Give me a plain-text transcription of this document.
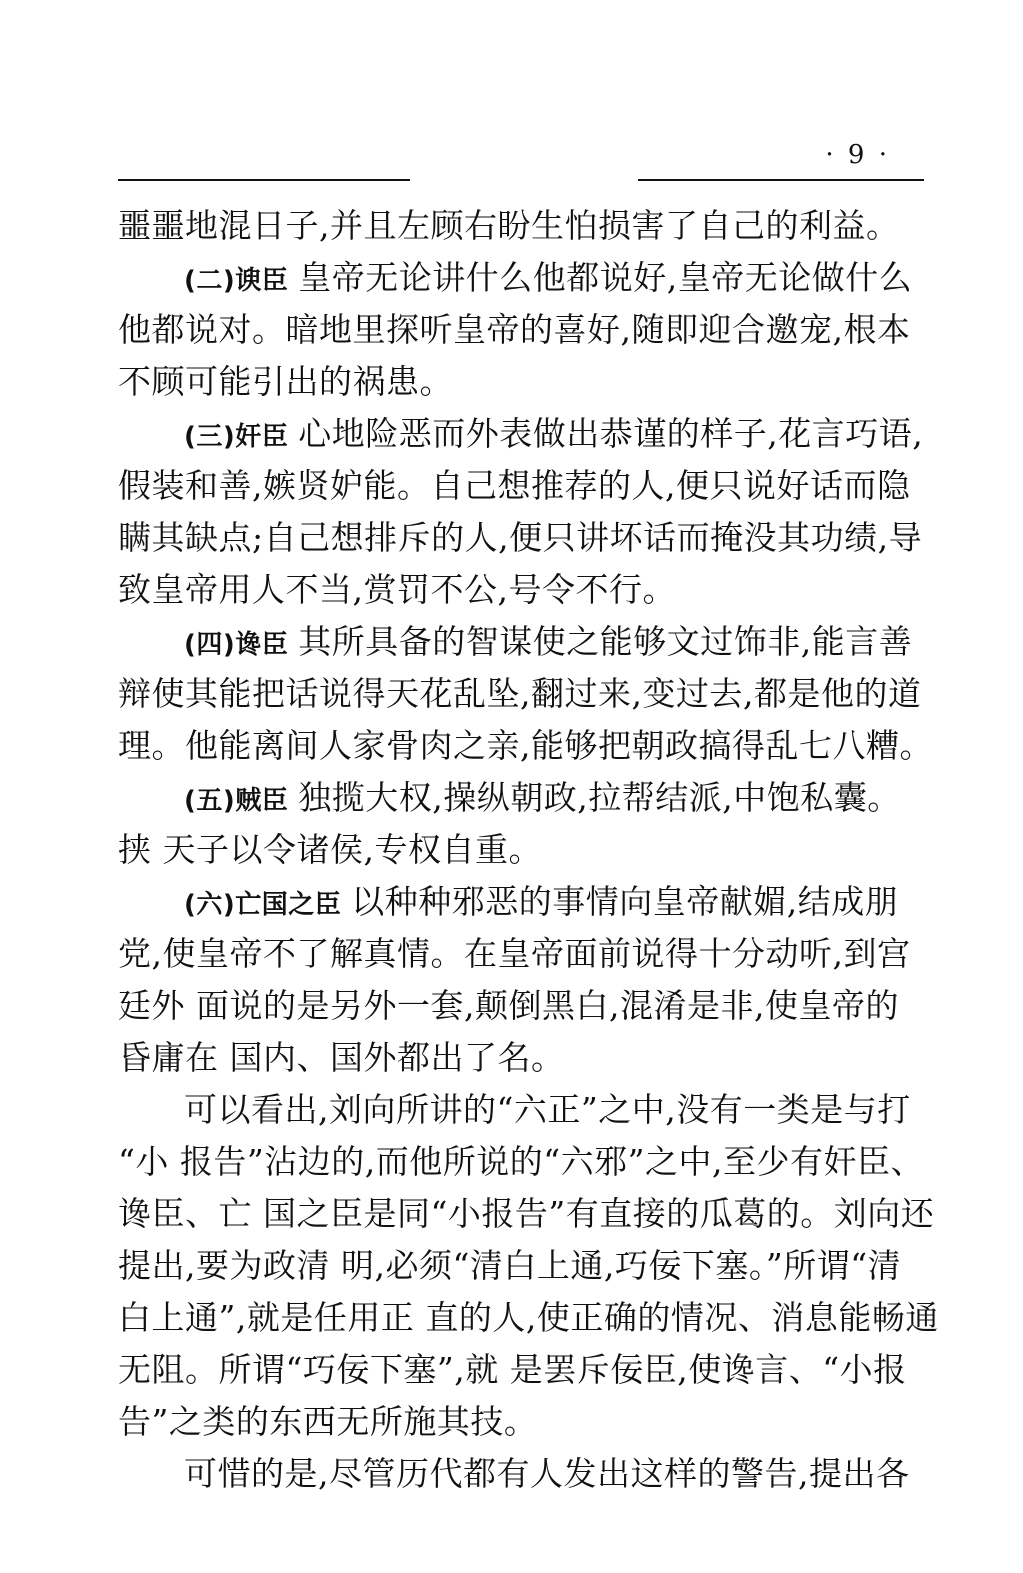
· 9 ·
噩噩地混日子,并且左顾右盼生怕损害了自己的利益。
(二)谀臣 皇帝无论讲什么他都说好,皇帝无论做什么
他都说对。暗地里探听皇帝的喜好,随即迎合邀宠,根本
不顾可能引出的祸患。
(三)奸臣 心地险恶而外表做出恭谨的样子,花言巧语,
假装和善,嫉贤妒能。自己想推荐的人,便只说好话而隐
瞒其缺点;自己想排斥的人,便只讲坏话而掩没其功绩,导
致皇帝用人不当,赏罚不公,号令不行。
(四)谗臣 其所具备的智谋使之能够文过饰非,能言善
辩使其能把话说得天花乱坠,翻过来,变过去,都是他的道
理。他能离间人家骨肉之亲,能够把朝政搞得乱七八糟。
(五)贼臣 独揽大权,操纵朝政,拉帮结派,中饱私囊。
挟 天子以令诸侯,专权自重。
(六)亡国之臣 以种种邪恶的事情向皇帝献媚,结成朋
党,使皇帝不了解真情。在皇帝面前说得十分动听,到宫
廷外 面说的是另外一套,颠倒黑白,混淆是非,使皇帝的
昏庸在 国内、国外都出了名。
可以看出,刘向所讲的“六正”之中,没有一类是与打
“小 报告”沾边的,而他所说的“六邪”之中,至少有奸臣、
谗臣、亡 国之臣是同“小报告”有直接的瓜葛的。刘向还
提出,要为政清 明,必须“清白上通,巧佞下塞。”所谓“清
白上通”,就是任用正 直的人,使正确的情况、消息能畅通
无阻。所谓“巧佞下塞”,就 是罢斥佞臣,使谗言、“小报
告”之类的东西无所施其技。
可惜的是,尽管历代都有人发出这样的警告,提出各
